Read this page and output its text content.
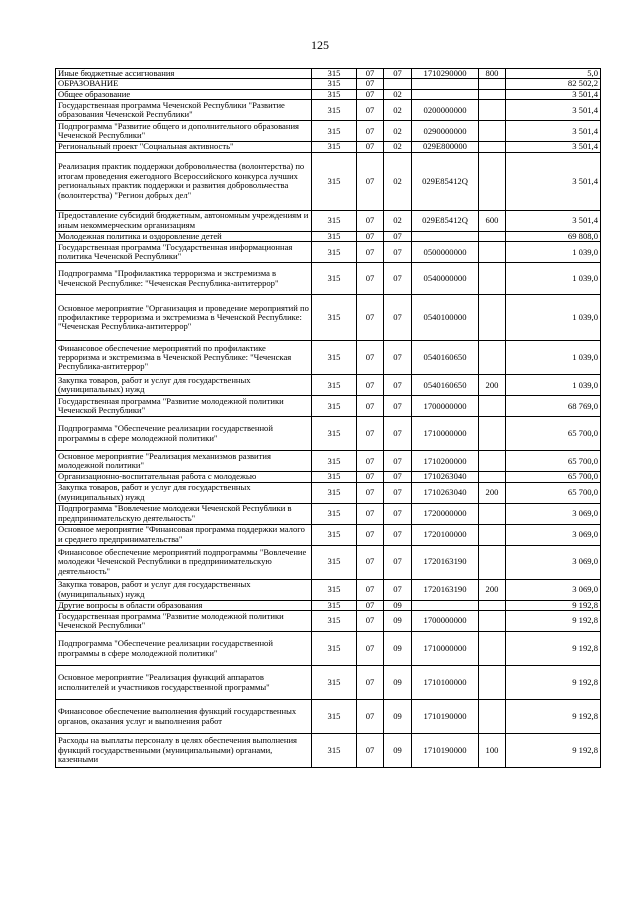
125
Иные бюджетные ассигнования	315	07	07	1710290000	800	5,0
ОБРАЗОВАНИЕ	315	07				82 502,2
Общее образование	315	07	02			3 501,4
Государственная программа Чеченской Республики "Развитие образования Чеченской Республики"	315	07	02	0200000000		3 501,4
Подпрограмма "Развитие общего и дополнительного образования Чеченской Республики"	315	07	02	0290000000		3 501,4
Региональный проект "Социальная активность"	315	07	02	029E800000		3 501,4
Реализация практик поддержки добровольчества (волонтерства) по итогам проведения ежегодного Всероссийского конкурса лучших региональных практик поддержки и развития добровольчества (волонтерства) "Регион добрых дел"	315	07	02	029E85412Q		3 501,4
Предоставление субсидий бюджетным, автономным учреждениям и иным некоммерческим организациям	315	07	02	029E85412Q	600	3 501,4
Молодежная политика и оздоровление детей	315	07	07			69 808,0
Государственная программа "Государственная информационная политика Чеченской Республики"	315	07	07	0500000000		1 039,0
Подпрограмма "Профилактика терроризма и экстремизма в Чеченской Республике: "Чеченская Республика-антитеррор"	315	07	07	0540000000		1 039,0
Основное мероприятие "Организация и проведение мероприятий по профилактике терроризма и экстремизма в Чеченской Республике: "Чеченская Республика-антитеррор"	315	07	07	0540100000		1 039,0
Финансовое обеспечение мероприятий по профилактике терроризма и экстремизма в Чеченской Республике: "Чеченская Республика-антитеррор"	315	07	07	0540160650		1 039,0
Закупка товаров, работ и услуг для государственных (муниципальных) нужд	315	07	07	0540160650	200	1 039,0
Государственная программа "Развитие молодежной политики Чеченской Республики"	315	07	07	1700000000		68 769,0
Подпрограмма "Обеспечение реализации государственной программы в сфере молодежной политики"	315	07	07	1710000000		65 700,0
Основное мероприятие "Реализация механизмов развития молодежной политики"	315	07	07	1710200000		65 700,0
Организационно-воспитательная работа с молодежью	315	07	07	1710263040		65 700,0
Закупка товаров, работ и услуг для государственных (муниципальных) нужд	315	07	07	1710263040	200	65 700,0
Подпрограмма "Вовлечение молодежи Чеченской Республики в предпринимательскую деятельность"	315	07	07	1720000000		3 069,0
Основное мероприятие "Финансовая программа поддержки малого и среднего предпринимательства"	315	07	07	1720100000		3 069,0
Финансовое обеспечение мероприятий подпрограммы "Вовлечение молодежи Чеченской Республики в предпринимательскую деятельность"	315	07	07	1720163190		3 069,0
Закупка товаров, работ и услуг для государственных (муниципальных) нужд	315	07	07	1720163190	200	3 069,0
Другие вопросы в области образования	315	07	09			9 192,8
Государственная программа "Развитие молодежной политики Чеченской Республики"	315	07	09	1700000000		9 192,8
Подпрограмма "Обеспечение реализации государственной программы в сфере молодежной политики"	315	07	09	1710000000		9 192,8
Основное мероприятие "Реализация функций аппаратов исполнителей и участников государственной программы"	315	07	09	1710100000		9 192,8
Финансовое обеспечение выполнения функций государственных органов, оказания услуг и выполнения работ	315	07	09	1710190000		9 192,8
Расходы на выплаты персоналу в целях обеспечения выполнения функций государственными (муниципальными) органами, казенными	315	07	09	1710190000	100	9 192,8
